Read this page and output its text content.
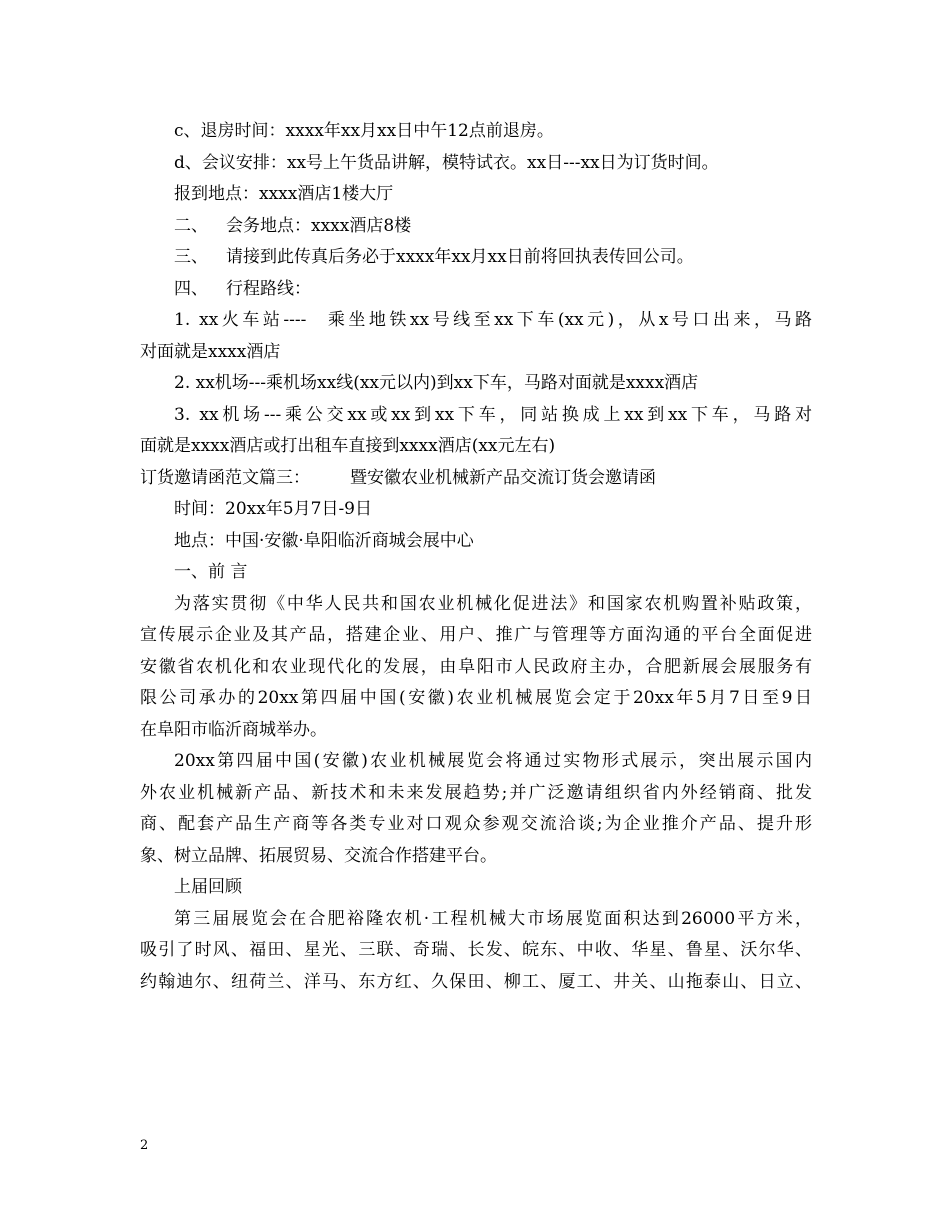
c、退房时间：xxxx年xx月xx日中午12点前退房。
d、会议安排：xx号上午货品讲解，模特试衣。xx日---xx日为订货时间。
报到地点：xxxx酒店1楼大厅
二、 会务地点：xxxx酒店8楼
三、 请接到此传真后务必于xxxx年xx月xx日前将回执表传回公司。
四、 行程路线：
1. xx火车站---- 乘坐地铁xx号线至xx下车(xx元)，从x号口出来，马路
对面就是xxxx酒店
2. xx机场---乘机场xx线(xx元以内)到xx下车，马路对面就是xxxx酒店
3. xx机场---乘公交xx或xx到xx下车，同站换成上xx到xx下车，马路对
面就是xxxx酒店或打出租车直接到xxxx酒店(xx元左右)
订货邀请函范文篇三： 暨安徽农业机械新产品交流订货会邀请函
时间：20xx年5月7日-9日
地点：中国·安徽·阜阳临沂商城会展中心
一、前 言
为落实贯彻《中华人民共和国农业机械化促进法》和国家农机购置补贴政策，
宣传展示企业及其产品，搭建企业、用户、推广与管理等方面沟通的平台全面促进
安徽省农机化和农业现代化的发展，由阜阳市人民政府主办，合肥新展会展服务有
限公司承办的20xx第四届中国(安徽)农业机械展览会定于20xx年5月7日至9日
在阜阳市临沂商城举办。
20xx第四届中国(安徽)农业机械展览会将通过实物形式展示，突出展示国内
外农业机械新产品、新技术和未来发展趋势;并广泛邀请组织省内外经销商、批发
商、配套产品生产商等各类专业对口观众参观交流洽谈;为企业推介产品、提升形
象、树立品牌、拓展贸易、交流合作搭建平台。
上届回顾
第三届展览会在合肥裕隆农机·工程机械大市场展览面积达到26000平方米，
吸引了时风、福田、星光、三联、奇瑞、长发、皖东、中收、华星、鲁星、沃尔华、
约翰迪尔、纽荷兰、洋马、东方红、久保田、柳工、厦工、井关、山拖泰山、日立、
2
